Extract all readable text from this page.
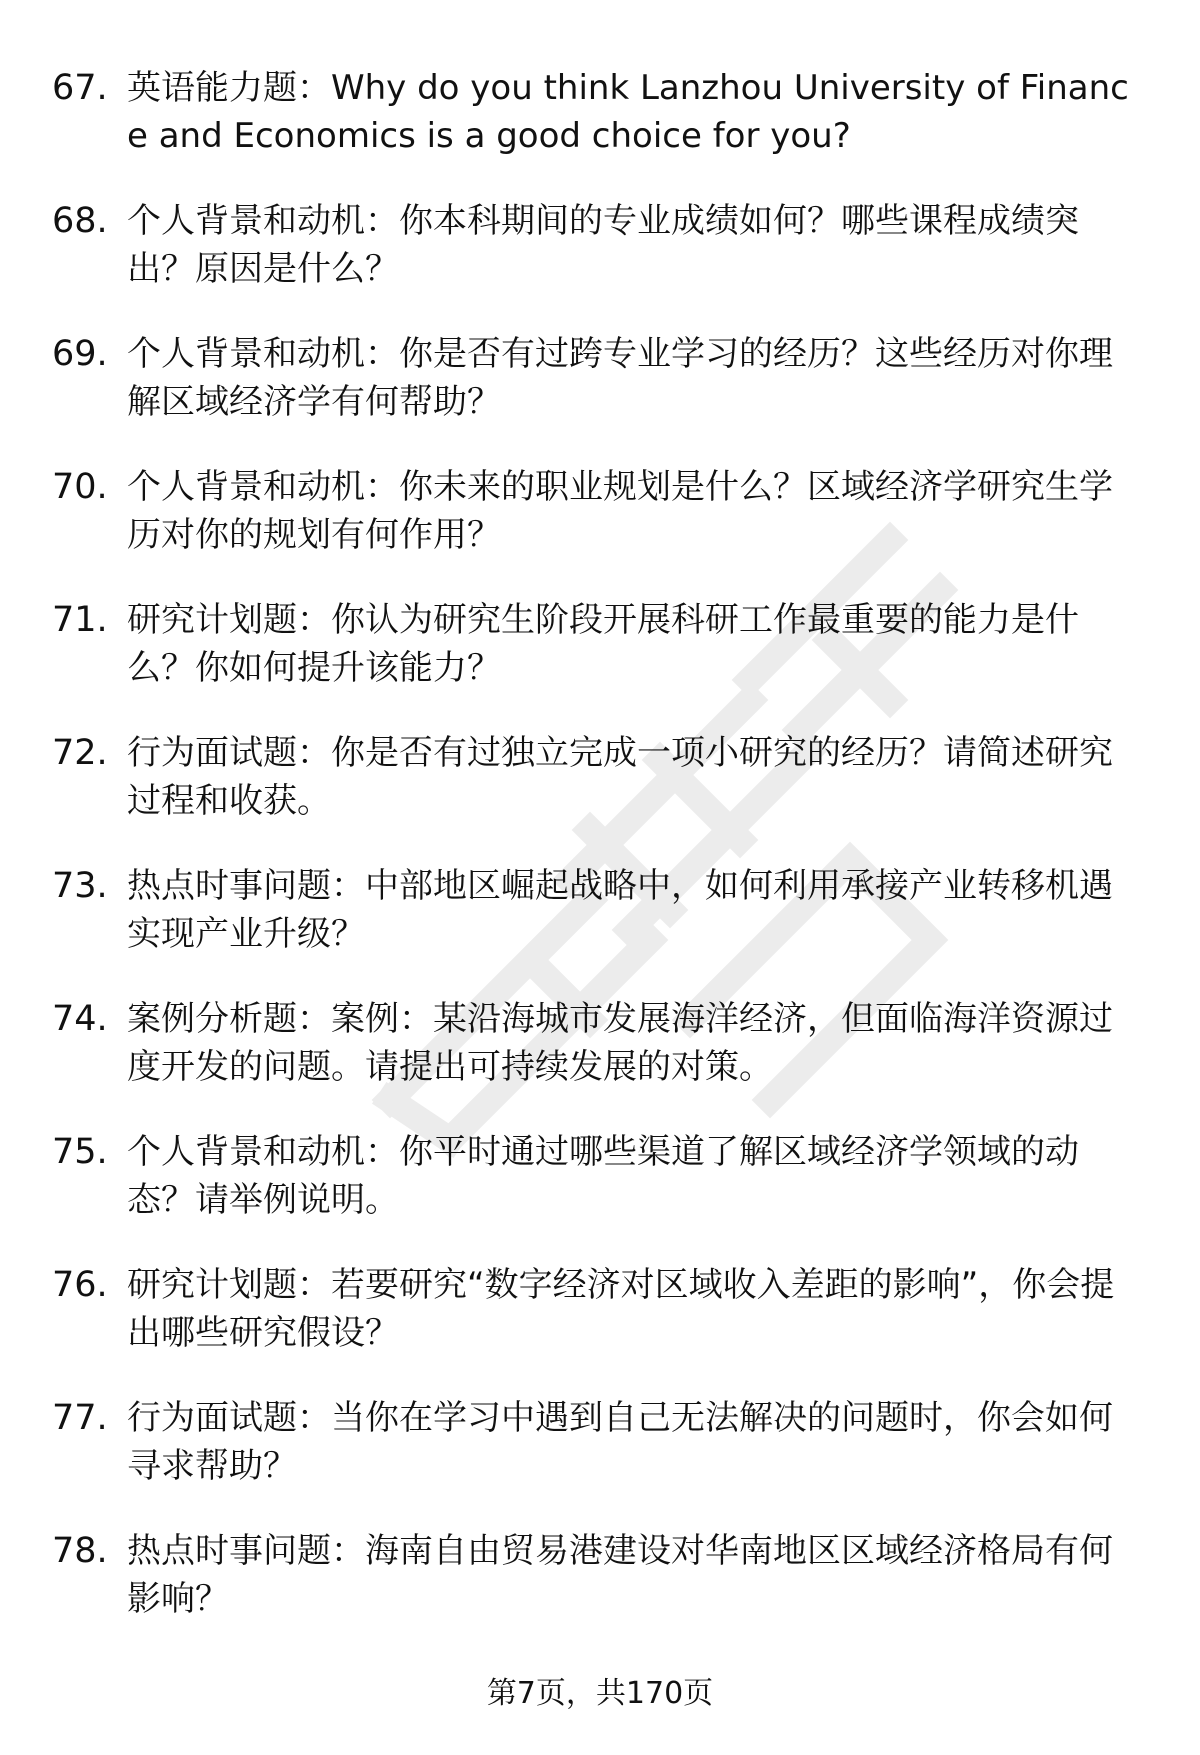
67. 英语能力题：Why do you think Lanzhou University of Finance and Economics is a good choice for you?
68. 个人背景和动机：你本科期间的专业成绩如何？哪些课程成绩突出？原因是什么？
69. 个人背景和动机：你是否有过跨专业学习的经历？这些经历对你理解区域经济学有何帮助？
70. 个人背景和动机：你未来的职业规划是什么？区域经济学研究生学历对你的规划有何作用？
71. 研究计划题：你认为研究生阶段开展科研工作最重要的能力是什么？你如何提升该能力？
72. 行为面试题：你是否有过独立完成一项小研究的经历？请简述研究过程和收获。
73. 热点时事问题：中部地区崛起战略中，如何利用承接产业转移机遇实现产业升级？
74. 案例分析题：案例：某沿海城市发展海洋经济，但面临海洋资源过度开发的问题。请提出可持续发展的对策。
75. 个人背景和动机：你平时通过哪些渠道了解区域经济学领域的动态？请举例说明。
76. 研究计划题：若要研究“数字经济对区域收入差距的影响”，你会提出哪些研究假设？
77. 行为面试题：当你在学习中遇到自己无法解决的问题时，你会如何寻求帮助？
78. 热点时事问题：海南自由贸易港建设对华南地区区域经济格局有何影响？
第7页，共170页
